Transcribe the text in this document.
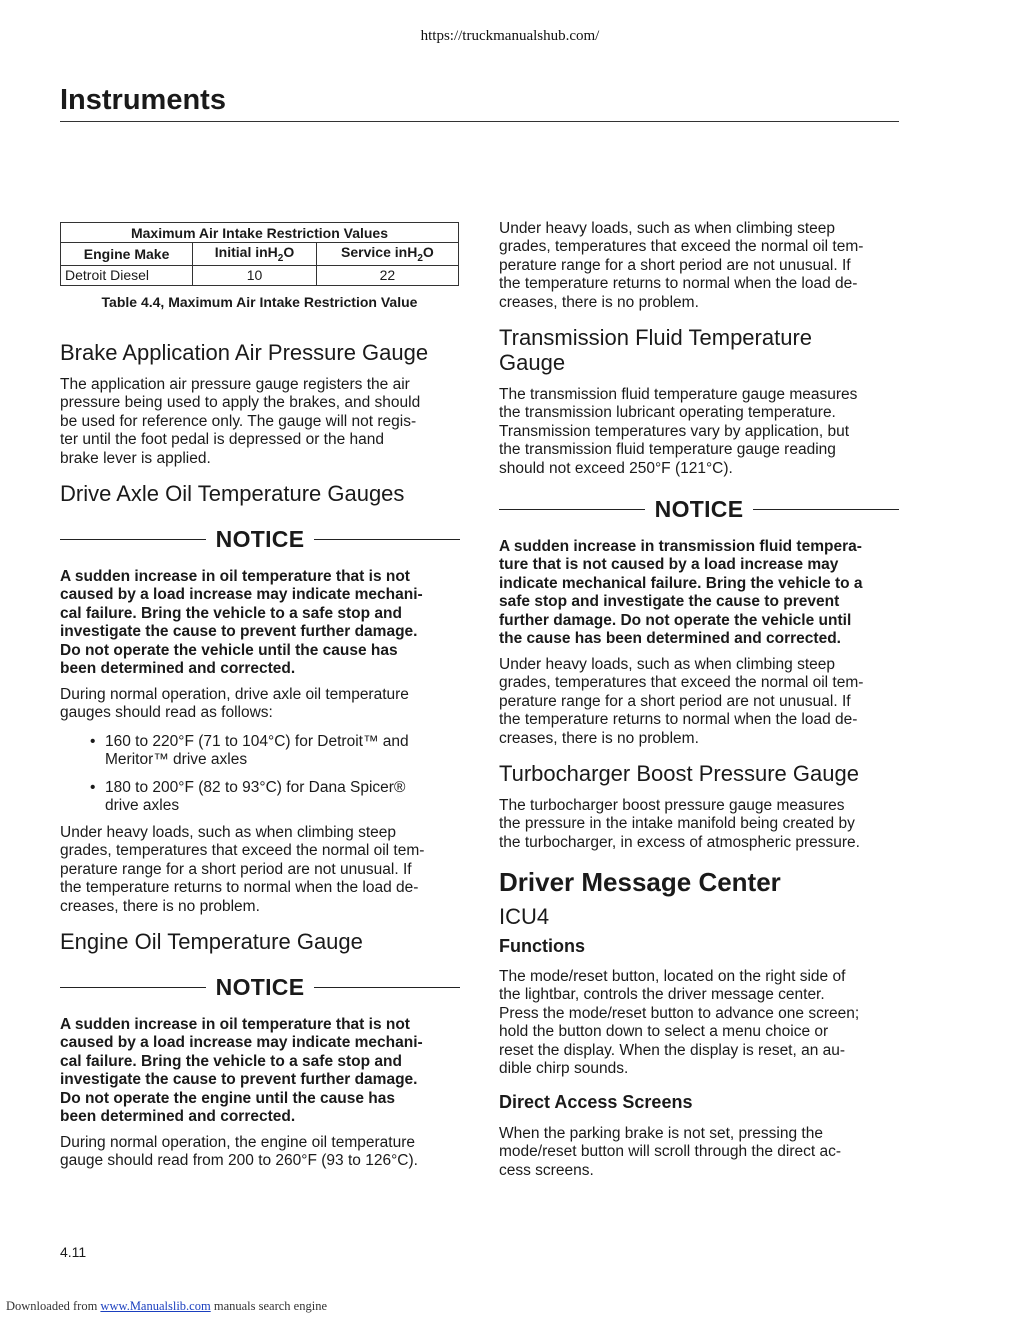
https://truckmanualshub.com/
Instruments
Maximum Air Intake Restriction Values		
Engine Make	Initial inH$_2$O	Service inH$_2$O
Detroit Diesel	10	22
Table 4.4, Maximum Air Intake Restriction Value
Brake Application Air Pressure Gauge

The application air pressure gauge registers the air
pressure being used to apply the brakes, and should
be used for reference only. The gauge will not regis-
ter until the foot pedal is depressed or the hand
brake lever is applied.

Drive Axle Oil Temperature Gauges
NOTICE

A sudden increase in oil temperature that is not
caused by a load increase may indicate mechani-
cal failure. Bring the vehicle to a safe stop and
investigate the cause to prevent further damage.
Do not operate the vehicle until the cause has
been determined and corrected.

During normal operation, drive axle oil temperature
gauges should read as follows:

• 160 to 220°F (71 to 104°C) for Detroit™ and
Meritor™ drive axles
• 180 to 200°F (82 to 93°C) for Dana Spicer®
drive axles

Under heavy loads, such as when climbing steep
grades, temperatures that exceed the normal oil tem-
perature range for a short period are not unusual. If
the temperature returns to normal when the load de-
creases, there is no problem.

Engine Oil Temperature Gauge
NOTICE

A sudden increase in oil temperature that is not
caused by a load increase may indicate mechani-
cal failure. Bring the vehicle to a safe stop and
investigate the cause to prevent further damage.
Do not operate the engine until the cause has
been determined and corrected.

During normal operation, the engine oil temperature
gauge should read from 200 to 260°F (93 to 126°C).

Under heavy loads, such as when climbing steep
grades, temperatures that exceed the normal oil tem-
perature range for a short period are not unusual. If
the temperature returns to normal when the load de-
creases, there is no problem.

Transmission Fluid Temperature
Gauge

The transmission fluid temperature gauge measures
the transmission lubricant operating temperature.
Transmission temperatures vary by application, but
the transmission fluid temperature gauge reading
should not exceed 250°F (121°C).

NOTICE

A sudden increase in transmission fluid tempera-
ture that is not caused by a load increase may
indicate mechanical failure. Bring the vehicle to a
safe stop and investigate the cause to prevent
further damage. Do not operate the vehicle until
the cause has been determined and corrected.

Under heavy loads, such as when climbing steep
grades, temperatures that exceed the normal oil tem-
perature range for a short period are not unusual. If
the temperature returns to normal when the load de-
creases, there is no problem.

Turbocharger Boost Pressure Gauge

The turbocharger boost pressure gauge measures
the pressure in the intake manifold being created by
the turbocharger, in excess of atmospheric pressure.

Driver Message Center
ICU4
Functions

The mode/reset button, located on the right side of
the lightbar, controls the driver message center.
Press the mode/reset button to advance one screen;
hold the button down to select a menu choice or
reset the display. When the display is reset, an au-
dible chirp sounds.

Direct Access Screens

When the parking brake is not set, pressing the
mode/reset button will scroll through the direct ac-
cess screens.

4.11
Downloaded from www.Manualslib.com manuals search engine
